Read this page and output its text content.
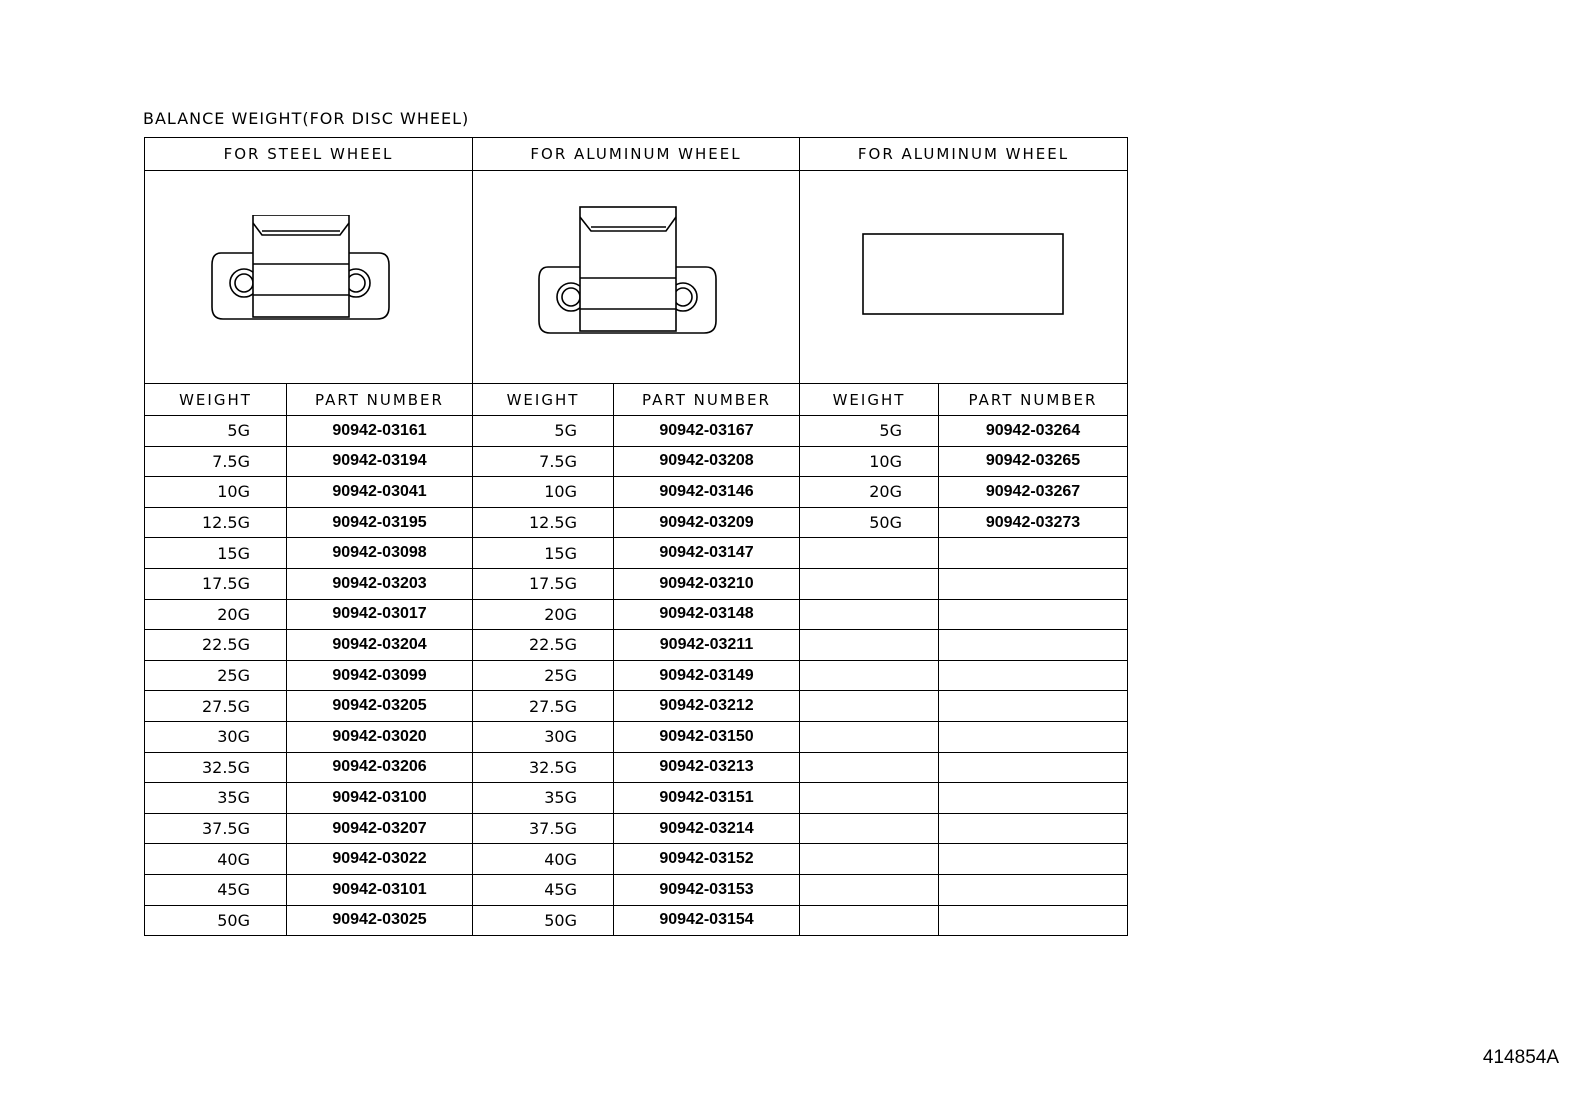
BALANCE WEIGHT(FOR DISC WHEEL)
FOR STEEL WHEEL		FOR ALUMINUM WHEEL		FOR ALUMINUM WHEEL	

WEIGHT	PART NUMBER	WEIGHT	PART NUMBER	WEIGHT	PART NUMBER
5G	90942-03161	5G	90942-03167	5G	90942-03264
7.5G	90942-03194	7.5G	90942-03208	10G	90942-03265
10G	90942-03041	10G	90942-03146	20G	90942-03267
12.5G	90942-03195	12.5G	90942-03209	50G	90942-03273
15G	90942-03098	15G	90942-03147		
17.5G	90942-03203	17.5G	90942-03210		
20G	90942-03017	20G	90942-03148		
22.5G	90942-03204	22.5G	90942-03211		
25G	90942-03099	25G	90942-03149		
27.5G	90942-03205	27.5G	90942-03212		
30G	90942-03020	30G	90942-03150		
32.5G	90942-03206	32.5G	90942-03213		
35G	90942-03100	35G	90942-03151		
37.5G	90942-03207	37.5G	90942-03214		
40G	90942-03022	40G	90942-03152		
45G	90942-03101	45G	90942-03153		
50G	90942-03025	50G	90942-03154		
414854A
